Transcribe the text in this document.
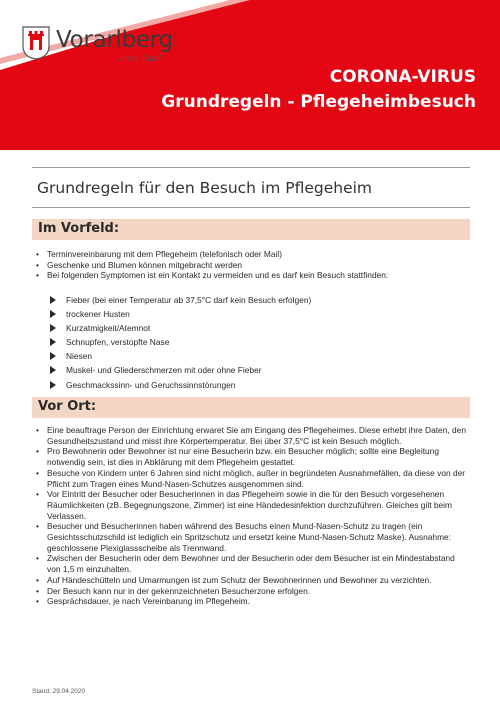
Vorarlberg
unser Land
CORONA-VIRUS
Grundregeln - Pflegeheimbesuch
Grundregeln für den Besuch im Pflegeheim
Im Vorfeld:
• Terminvereinbarung mit dem Pflegeheim (telefonisch oder Mail)
• Geschenke und Blumen können mitgebracht werden
• Bei folgenden Symptomen ist ein Kontakt zu vermeiden und es darf kein Besuch stattfinden:
Fieber (bei einer Temperatur ab 37,5°C darf kein Besuch erfolgen)
trockener Husten
Kurzatmigkeit/Atemnot
Schnupfen, verstopfte Nase
Niesen
Muskel- und Gliederschmerzen mit oder ohne Fieber
Geschmackssinn- und Geruchssinnstörungen
Vor Ort:
• Eine beauftrage Person der Einrichtung erwaret Sie am Eingang des Pflegeheimes. Diese erhebt ihre Daten, den Gesundheitszustand und misst ihre Körpertemperatur. Bei über 37,5°C ist kein Besuch möglich.
• Pro Bewohnerin oder Bewohner ist nur eine Besucherin bzw. ein Besucher möglich; sollte eine Begleitung notwendig sein, ist dies in Abklärung mit dem Pflegeheim gestattet.
• Besuche von Kindern unter 6 Jahren sind nicht möglich, außer in begründeten Ausnahmefällen, da diese von der Pflicht zum Tragen eines Mund-Nasen-Schutzes ausgenommen sind.
• Vor Eintritt der Besucher oder Besucherinnen in das Pflegeheim sowie in die für den Besuch vorgesehenen Räumlichkeiten (zB. Begegnungszone, Zimmer) ist eine Händedesinfektion durchzuführen. Gleiches gilt beim Verlassen.
• Besucher und Besucherinnen haben während des Besuchs einen Mund-Nasen-Schutz zu tragen (ein Gesichtsschutzschild ist lediglich ein Spritzschutz und ersetzt keine Mund-Nasen-Schutz Maske). Ausnahme: geschlossene Plexiglassscheibe als Trennwand.
• Zwischen der Besucherin oder dem Bewohner und der Besucherin oder dem Besucher ist ein Mindestabstand von 1,5 m einzuhalten.
• Auf Händeschütteln und Umarmungen ist zum Schutz der Bewohnerinnen und Bewohner zu verzichten.
• Der Besuch kann nur in der gekennzeichneten Besucherzone erfolgen.
• Gesprächsdauer, je nach Vereinbarung im Pflegeheim.
Stand: 29.04.2020
